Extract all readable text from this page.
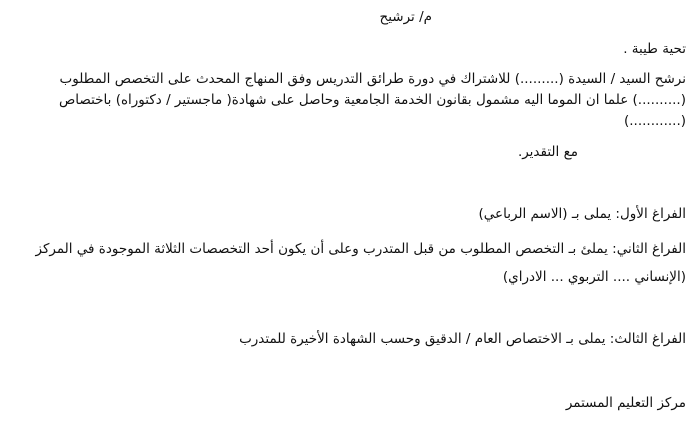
م/ ترشيح
تحية طيبة .
نرشح السيد / السيدة (.........) للاشتراك في دورة طرائق التدريس وفق المنهاج المحدث على التخصص المطلوب
(..........) علما ان الموما اليه مشمول بقانون الخدمة الجامعية وحاصل على شهادة( ماجستير / دكتوراه) باختصاص
(............)
مع التقدير.
الفراغ الأول: يملى بـ (الاسم الرباعي)
الفراغ الثاني: يملئ بـ التخصص المطلوب من قبل المتدرب وعلى أن يكون أحد التخصصات الثلاثة الموجودة في المركز
(الإنساني .... التربوي ... الادراي)
الفراغ الثالث: يملى بـ الاختصاص العام / الدقيق وحسب الشهادة الأخيرة للمتدرب
مركز التعليم المستمر
